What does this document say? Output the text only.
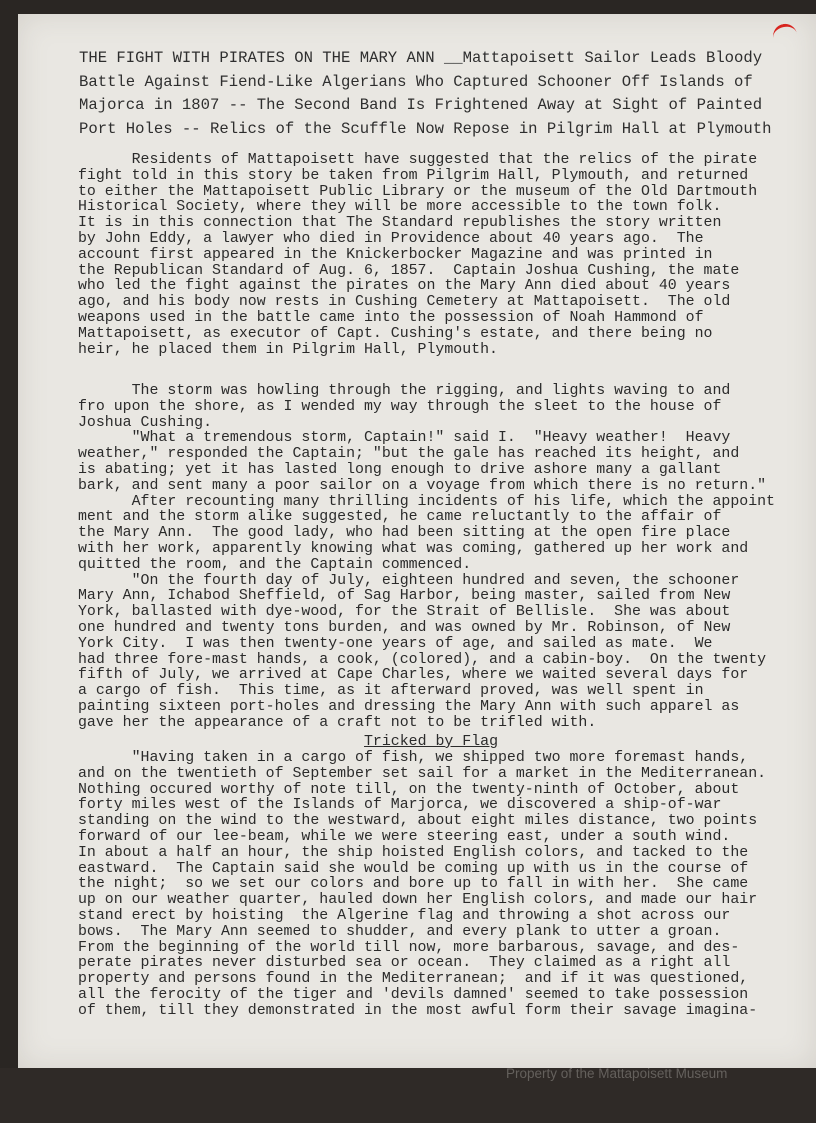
THE FIGHT WITH PIRATES ON THE MARY ANN __Mattapoisett Sailor Leads Bloody
Battle Against Fiend-Like Algerians Who Captured Schooner Off Islands of
Majorca in 1807 -- The Second Band Is Frightened Away at Sight of Painted
Port Holes -- Relics of the Scuffle Now Repose in Pilgrim Hall at Plymouth

Residents of Mattapoisett have suggested that the relics of the pirate
fight told in this story be taken from Pilgrim Hall, Plymouth, and returned
to either the Mattapoisett Public Library or the museum of the Old Dartmouth
Historical Society, where they will be more accessible to the town folk.
It is in this connection that The Standard republishes the story written
by John Eddy, a lawyer who died in Providence about 40 years ago.  The
account first appeared in the Knickerbocker Magazine and was printed in
the Republican Standard of Aug. 6, 1857.  Captain Joshua Cushing, the mate
who led the fight against the pirates on the Mary Ann died about 40 years
ago, and his body now rests in Cushing Cemetery at Mattapoisett.  The old
weapons used in the battle came into the possession of Noah Hammond of
Mattapoisett, as executor of Capt. Cushing's estate, and there being no
heir, he placed them in Pilgrim Hall, Plymouth.

The storm was howling through the rigging, and lights waving to and
fro upon the shore, as I wended my way through the sleet to the house of
Joshua Cushing.
"What a tremendous storm, Captain!" said I.  "Heavy weather!  Heavy
weather," responded the Captain; "but the gale has reached its height, and
is abating; yet it has lasted long enough to drive ashore many a gallant
bark, and sent many a poor sailor on a voyage from which there is no return."
After recounting many thrilling incidents of his life, which the appoint
ment and the storm alike suggested, he came reluctantly to the affair of
the Mary Ann.  The good lady, who had been sitting at the open fire place
with her work, apparently knowing what was coming, gathered up her work and
quitted the room, and the Captain commenced.
"On the fourth day of July, eighteen hundred and seven, the schooner
Mary Ann, Ichabod Sheffield, of Sag Harbor, being master, sailed from New
York, ballasted with dye-wood, for the Strait of Bellisle.  She was about
one hundred and twenty tons burden, and was owned by Mr. Robinson, of New
York City.  I was then twenty-one years of age, and sailed as mate.  We
had three fore-mast hands, a cook, (colored), and a cabin-boy.  On the twenty
fifth of July, we arrived at Cape Charles, where we waited several days for
a cargo of fish.  This time, as it afterward proved, was well spent in
painting sixteen port-holes and dressing the Mary Ann with such apparel as
gave her the appearance of a craft not to be trifled with.

Tricked by Flag

"Having taken in a cargo of fish, we shipped two more foremast hands,
and on the twentieth of September set sail for a market in the Mediterranean.
Nothing occured worthy of note till, on the twenty-ninth of October, about
forty miles west of the Islands of Marjorca, we discovered a ship-of-war
standing on the wind to the westward, about eight miles distance, two points
forward of our lee-beam, while we were steering east, under a south wind.
In about a half an hour, the ship hoisted English colors, and tacked to the
eastward.  The Captain said she would be coming up with us in the course of
the night;  so we set our colors and bore up to fall in with her.  She came
up on our weather quarter, hauled down her English colors, and made our hair
stand erect by hoisting  the Algerine flag and throwing a shot across our
bows.  The Mary Ann seemed to shudder, and every plank to utter a groan.
From the beginning of the world till now, more barbarous, savage, and des-
perate pirates never disturbed sea or ocean.  They claimed as a right all
property and persons found in the Mediterranean;  and if it was questioned,
all the ferocity of the tiger and 'devils damned' seemed to take possession
of them, till they demonstrated in the most awful form their savage imagina-

Property of the Mattapoisett Museum
